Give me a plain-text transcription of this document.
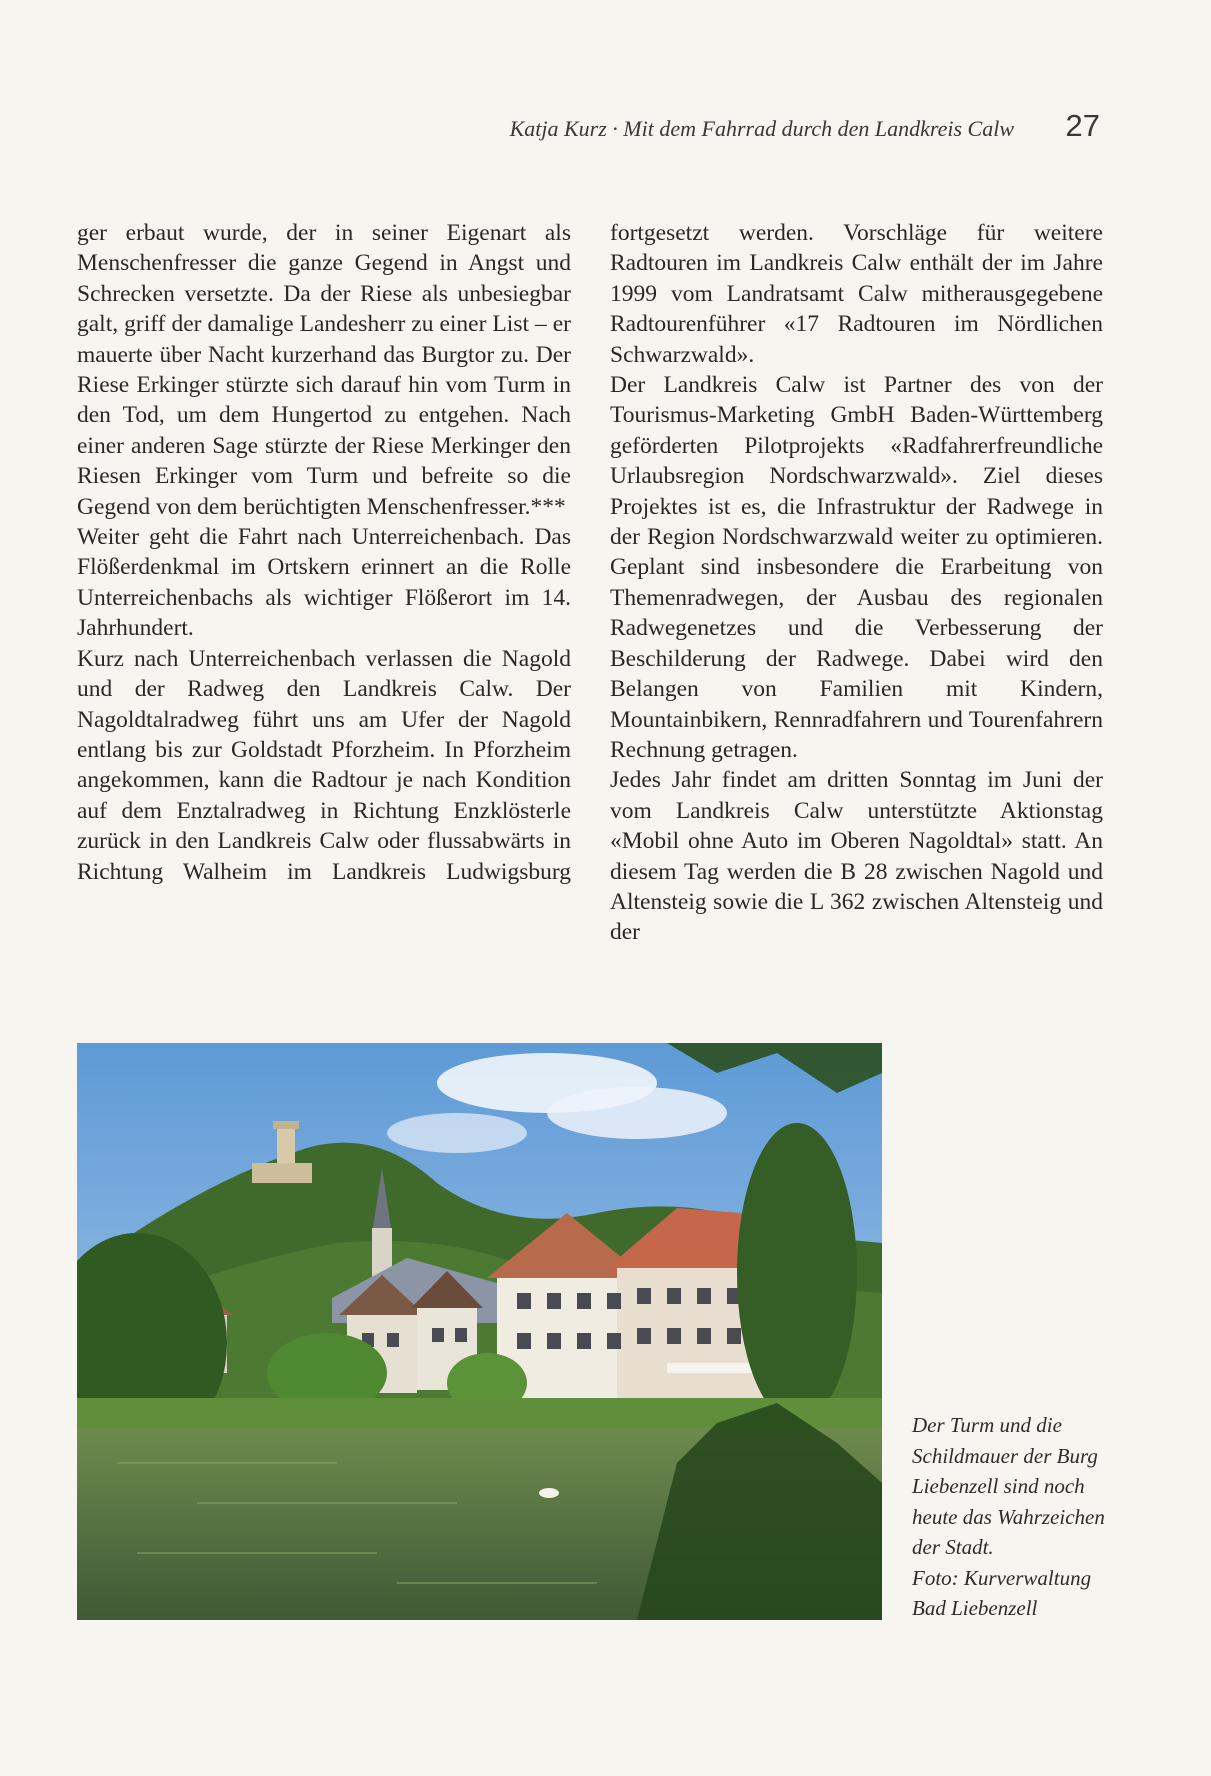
Katja Kurz · Mit dem Fahrrad durch den Landkreis Calw 27

ger erbaut wurde, der in seiner Eigenart als Menschenfresser die ganze Gegend in Angst und Schrecken versetzte. Da der Riese als unbesiegbar galt, griff der damalige Landesherr zu einer List – er mauerte über Nacht kurzerhand das Burgtor zu. Der Riese Erkinger stürzte sich darauf hin vom Turm in den Tod, um dem Hungertod zu entgehen. Nach einer anderen Sage stürzte der Riese Merkinger den Riesen Erkinger vom Turm und befreite so die Gegend von dem berüchtigten Menschenfresser.***

Weiter geht die Fahrt nach Unterreichenbach. Das Flößerdenkmal im Ortskern erinnert an die Rolle Unterreichenbachs als wichtiger Flößerort im 14. Jahrhundert.

Kurz nach Unterreichenbach verlassen die Nagold und der Radweg den Landkreis Calw. Der Nagoldtalradweg führt uns am Ufer der Nagold entlang bis zur Goldstadt Pforzheim. In Pforzheim angekommen, kann die Radtour je nach Kondition auf dem Enztalradweg in Richtung Enzklösterle zurück in den Landkreis Calw oder flussabwärts in Richtung Walheim im Landkreis Ludwigsburg

fortgesetzt werden. Vorschläge für weitere Radtouren im Landkreis Calw enthält der im Jahre 1999 vom Landratsamt Calw mitherausgegebene Radtourenführer «17 Radtouren im Nördlichen Schwarzwald».

Der Landkreis Calw ist Partner des von der Tourismus-Marketing GmbH Baden-Württemberg geförderten Pilotprojekts «Radfahrerfreundliche Urlaubsregion Nordschwarzwald». Ziel dieses Projektes ist es, die Infrastruktur der Radwege in der Region Nordschwarzwald weiter zu optimieren. Geplant sind insbesondere die Erarbeitung von Themenradwegen, der Ausbau des regionalen Radwegenetzes und die Verbesserung der Beschilderung der Radwege. Dabei wird den Belangen von Familien mit Kindern, Mountainbikern, Rennradfahrern und Tourenfahrern Rechnung getragen.

Jedes Jahr findet am dritten Sonntag im Juni der vom Landkreis Calw unterstützte Aktionstag «Mobil ohne Auto im Oberen Nagoldtal» statt. An diesem Tag werden die B 28 zwischen Nagold und Altensteig sowie die L 362 zwischen Altensteig und der

Der Turm und die
Schildmauer der Burg
Liebenzell sind noch
heute das Wahrzeichen
der Stadt.
Foto: Kurverwaltung
Bad Liebenzell
